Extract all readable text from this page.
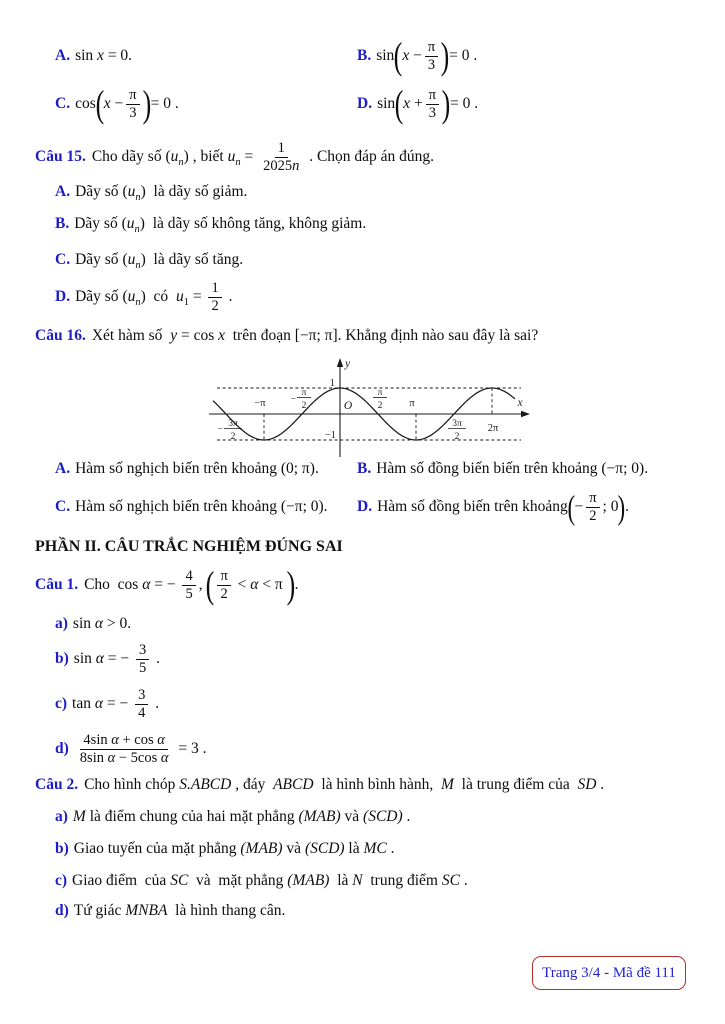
A. sin x = 0.	B. sin ( $x - \frac{\pi}{3}$ ) = 0 .
C. cos ( $x - \frac{\pi}{3}$ ) = 0 .	D. sin ( $x + \frac{\pi}{3}$ ) = 0 .
Câu 15. Cho dãy số $(u_n)$ , biết $u_n = \frac{1}{2025n}$ . Chọn đáp án đúng.
A. Dãy số $(u_n)$  là dãy số giảm.
B. Dãy số $(u_n)$  là dãy số không tăng, không giảm.
C. Dãy số $(u_n)$  là dãy số tăng.
D. Dãy số $(u_n)$  có  $u_1 = \frac{1}{2}$ .
Câu 16. Xét hàm số  y = cos x  trên đoạn [−π; π]. Khẳng định nào sau đây là sai?
y
x
O
1
−1
−π	π
2π
−
π
2
π
2
3π
2
−
3π
2
A. Hàm số nghịch biến trên khoảng (0; π). B. Hàm số đồng biến biến trên khoảng (−π; 0).
C. Hàm số nghịch biến trên khoảng (−π; 0). D. Hàm số đồng biến trên khoảng ( − $\frac{\pi}{2}$ ; 0 ) .
PHẦN II. CÂU TRẮC NGHIỆM ĐÚNG SAI
Câu 1. Cho  cos α = − $\frac{4}{5}$ , ( $\frac{\pi}{2} < \alpha < \pi$ ) .
a) sin α > 0.
b) sin α = − $\frac{3}{5}$ .
c) tan α = − $\frac{3}{4}$ .
$d) \frac{\text{4sin α + cos α}}{\text{8sin α − 5cos α}} = 3$ .
Câu 2. Cho hình chóp S.ABCD , đáy  ABCD  là hình bình hành,  M  là trung điểm của  SD .
a) M là điểm chung của hai mặt phẳng (MAB) và (SCD) .
b) Giao tuyến của mặt phẳng (MAB) và (SCD) là MC .
c) Giao điểm  của SC  và  mặt phẳng (MAB)  là N  trung điểm SC .
d) Tứ giác MNBA  là hình thang cân.
Trang 3/4 - Mã đề 111
